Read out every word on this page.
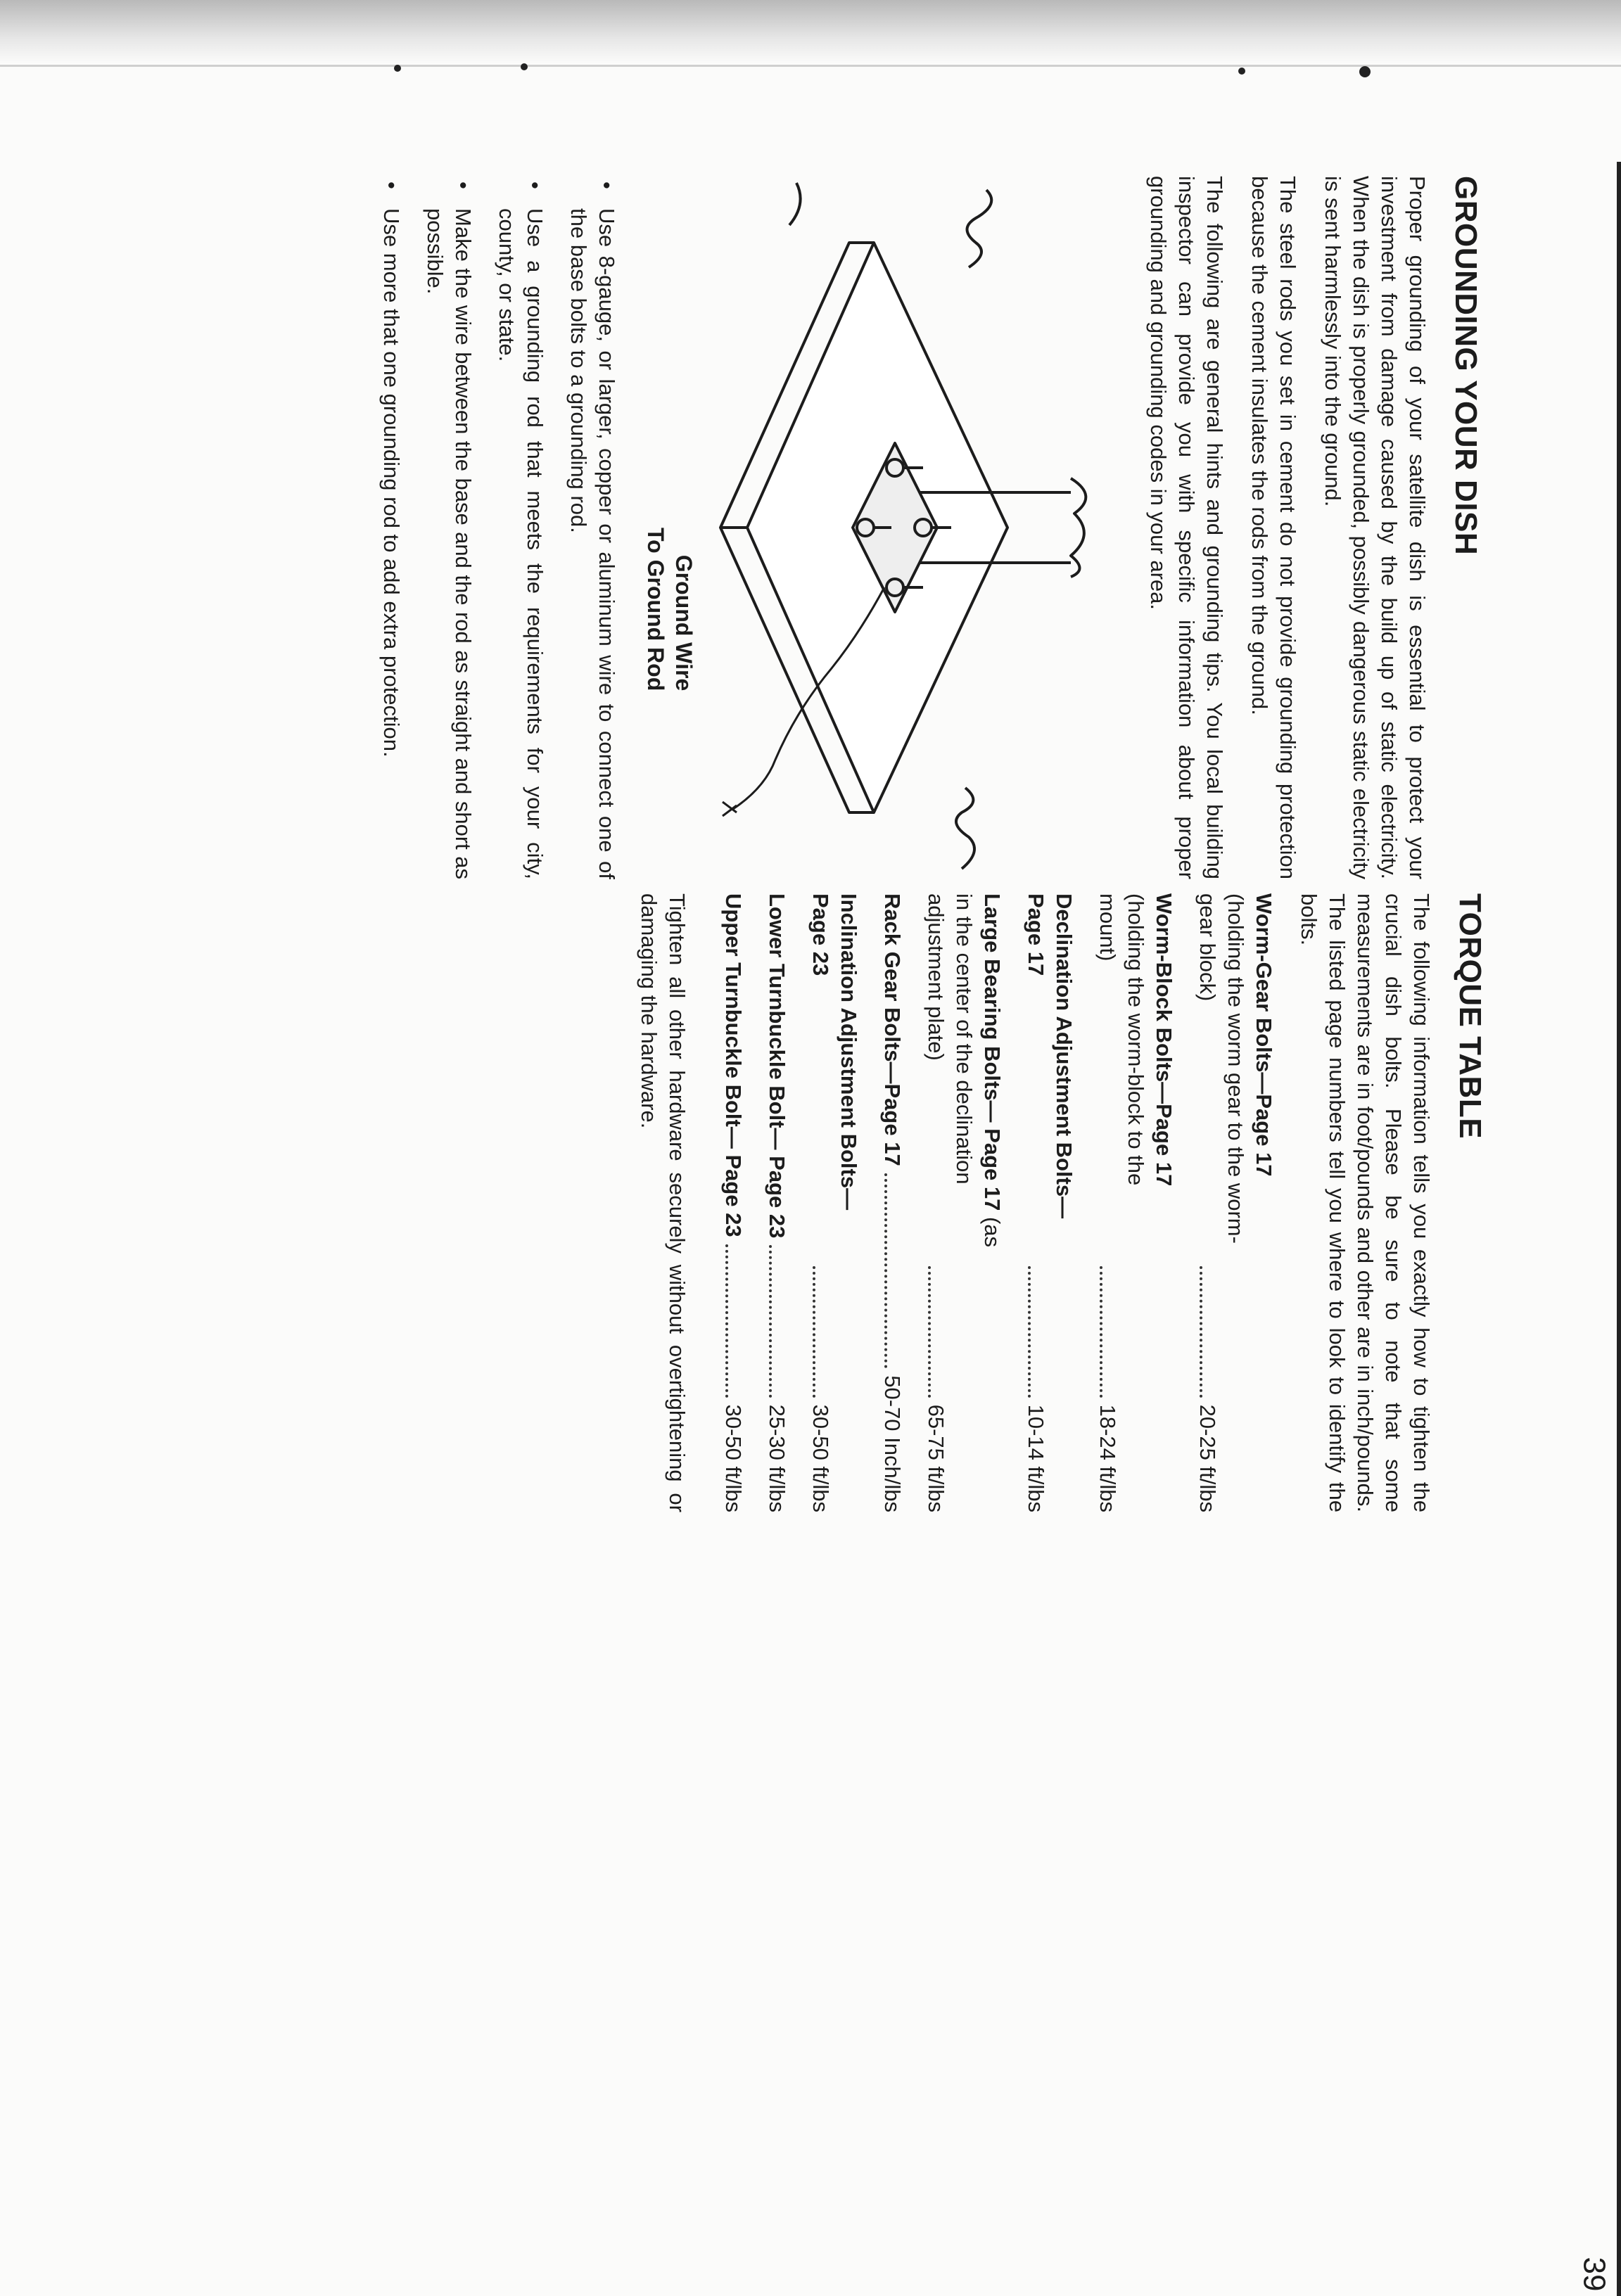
GROUNDING YOUR DISH

Proper grounding of your satellite dish is essential to protect your investment from damage caused by the build up of static electricity. When the dish is properly grounded, possibly dangerous static electricity is sent harmlessly into the ground.

The steel rods you set in cement do not provide grounding protection because the cement insulates the rods from the ground.

The following are general hints and grounding tips. You local building inspector can provide you with specific information about proper grounding and grounding codes in your area.

Ground Wire
To Ground Rod
• Use 8-gauge, or larger, copper or aluminum wire to connect one of the base bolts to a grounding rod.
• Use a grounding rod that meets the requirements for your city, county, or state.
• Make the wire between the base and the rod as straight and short as possible.
• Use more that one grounding rod to add extra protection.
TORQUE TABLE

The following information tells you exactly how to tighten the crucial dish bolts. Please be sure to note that some measurements are in foot/pounds and other are in inch/pounds. The listed page numbers tell you where to look to identify the bolts.

Worm-Gear Bolts—Page 17 (holding the worm gear to the worm-gear block)
20-25 ft/lbs
Worm-Block Bolts—Page 17 (holding the worm-block to the mount)
18-24 ft/lbs
Declination Adjustment Bolts—Page 17
10-14 ft/lbs
Large Bearing Bolts— Page 17 (as in the center of the declination adjustment plate)
65-75 ft/lbs
Rack Gear Bolts—Page 17
50-70 Inch/lbs
Inclination Adjustment Bolts—Page 23
30-50 ft/lbs
Lower Turnbuckle Bolt— Page 23
25-30 ft/lbs
Upper Turnbuckle Bolt— Page 23
30-50 ft/lbs

Tighten all other hardware securely without overtightening or damaging the hardware.

39
